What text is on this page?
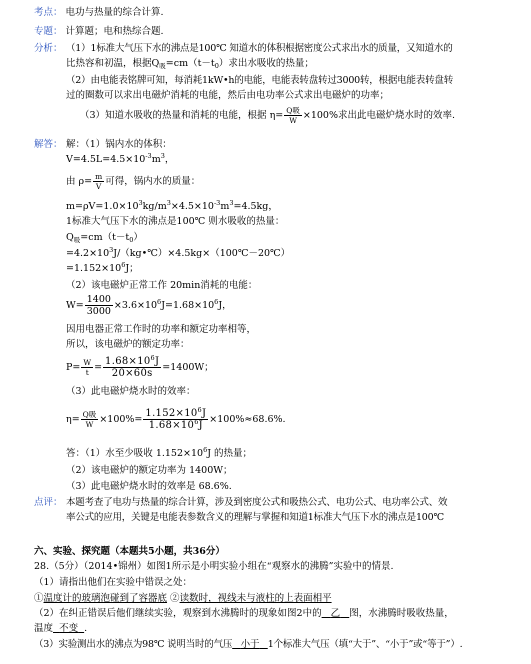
考点： 电功与热量的综合计算.
专题： 计算题；电和热综合题.
分析： （1）1标准大气压下水的沸点是100℃ 知道水的体积根据密度公式求出水的质量，又知道水的
比热容和初温，根据$Q_吸=cm(t-t_0)$求出水吸收的热量；
（2）由电能表铭牌可知，每消耗1kW•h的电能，电能表转盘转过3000转，根据电能表转盘转
过的圈数可以求出电磁炉消耗的电能，然后由电功率公式求出电磁炉的功率；
（3）知道水吸收的热量和消耗的电能，根据 $\eta= \frac{\text{Q吸}}{W} \times 100\%$求出此电磁炉烧水时的效率.
解答： 解：（1）锅内水的体积：
$V=4.5L=4.5\times 10^{-3}m^3$，
由 $\rho= \frac{m}{V}$ 可得，锅内水的质量：
$m=\rho V=1.0\times 10^3kg/m^3\times 4.5\times 10^{-3}m^3=4.5kg$，
1标准大气压下水的沸点是100℃ 则水吸收的热量：
$Q_吸=cm(t-t_0)$
$=4.2\times 10^3J/(kg•℃)\times 4.5kg\times(100℃-20℃)$
$=1.152\times 10^6J$；
（2）该电磁炉正常工作 20min消耗的电能：
$W= \frac{1400}{3000} \times 3.6\times 10^6J=1.68\times 10^6J$，
因用电器正常工作时的功率和额定功率相等，
所以，该电磁炉的额定功率：
$P= \frac{W}{t} = \frac{1.68\times 10^6J}{20\times 60s} =1400W$；
（3）此电磁炉烧水时的效率：
$\eta= \frac{\text{Q吸}}{W} \times 100\%= \frac{1.152\times 10^6J}{1.68\times 10^6J} \times 100\%\approx 68.6\%$.
答：（1）水至少吸收 $1.152\times 10^6J$ 的热量；
（2）该电磁炉的额定功率为 1400W；
（3）此电磁炉烧水时的效率是 68.6%.
点评： 本题考查了电功与热量的综合计算，涉及到密度公式和吸热公式、电功公式、电功率公式、效
率公式的应用，关键是电能表参数含义的理解与掌握和知道1标准大气压下水的沸点是100℃
六、实验、探究题（本题共5小题，共36分）
28.（5分）（2014•锦州）如图1所示是小明实验小组在“观察水的沸腾”实验中的情景.
（1）请指出他们在实验中错误之处：
①温度计的玻璃泡碰到了容器底 ②读数时，视线未与液柱的上表面相平
（2）在纠正错误后他们继续实验，观察到水沸腾时的现象如图2中的 乙 图，水沸腾时吸收热量，
温度 不变 .
（3）实验测出水的沸点为98℃ 说明当时的气压 小于 1个标准大气压（填“大于”、“小于”或“等于”）.
